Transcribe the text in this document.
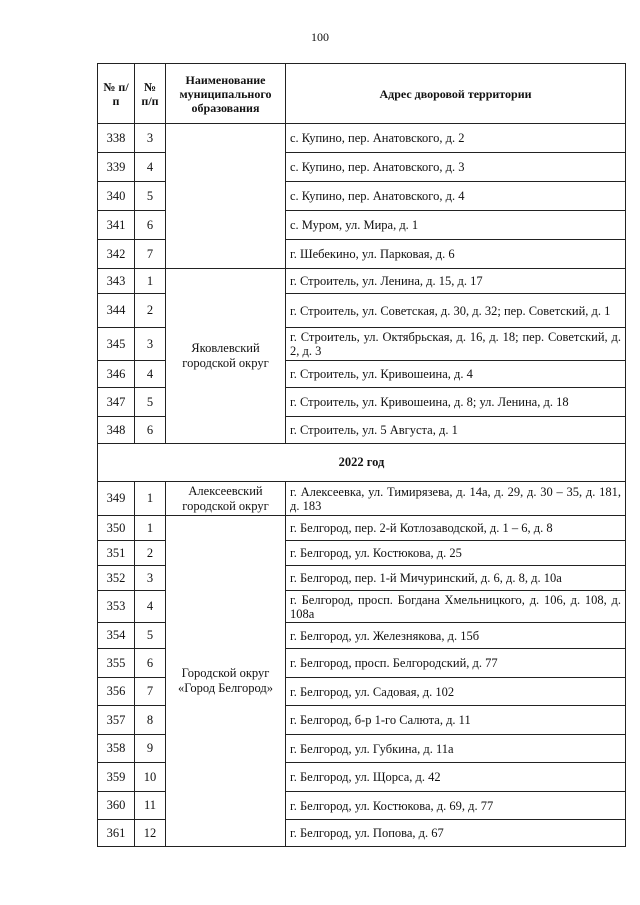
100
№ п/п	№ п/п	Наименование муниципального образования	Адрес дворовой территории
338	3		с. Купино, пер. Анатовского, д. 2
339	4		с. Купино, пер. Анатовского, д. 3
340	5		с. Купино, пер. Анатовского, д. 4
341	6		с. Муром, ул. Мира, д. 1
342	7		г. Шебекино, ул. Парковая, д. 6
343	1	Яковлевский городской округ	г. Строитель, ул. Ленина, д. 15, д. 17
344	2		г. Строитель, ул. Советская, д. 30, д. 32; пер. Советский, д. 1
345	3		г. Строитель, ул. Октябрьская, д. 16, д. 18; пер. Советский, д. 2, д. 3
346	4		г. Строитель, ул. Кривошеина, д. 4
347	5		г. Строитель, ул. Кривошеина, д. 8; ул. Ленина, д. 18
348	6		г. Строитель, ул. 5 Августа, д. 1
2022 год			
349	1	Алексеевский городской округ	г. Алексеевка, ул. Тимирязева, д. 14а, д. 29, д. 30 – 35, д. 181, д. 183
350	1	Городской округ «Город Белгород»	г. Белгород, пер. 2-й Котлозаводской, д. 1 – 6, д. 8
351	2		г. Белгород, ул. Костюкова, д. 25
352	3		г. Белгород, пер. 1-й Мичуринский, д. 6, д. 8, д. 10а
353	4		г. Белгород, просп. Богдана Хмельницкого, д. 106, д. 108, д. 108а
354	5		г. Белгород, ул. Железнякова, д. 15б
355	6		г. Белгород, просп. Белгородский, д. 77
356	7		г. Белгород, ул. Садовая, д. 102
357	8		г. Белгород, б-р 1-го Салюта, д. 11
358	9		г. Белгород, ул. Губкина, д. 11а
359	10		г. Белгород, ул. Щорса, д. 42
360	11		г. Белгород, ул. Костюкова, д. 69, д. 77
361	12		г. Белгород, ул. Попова, д. 67
